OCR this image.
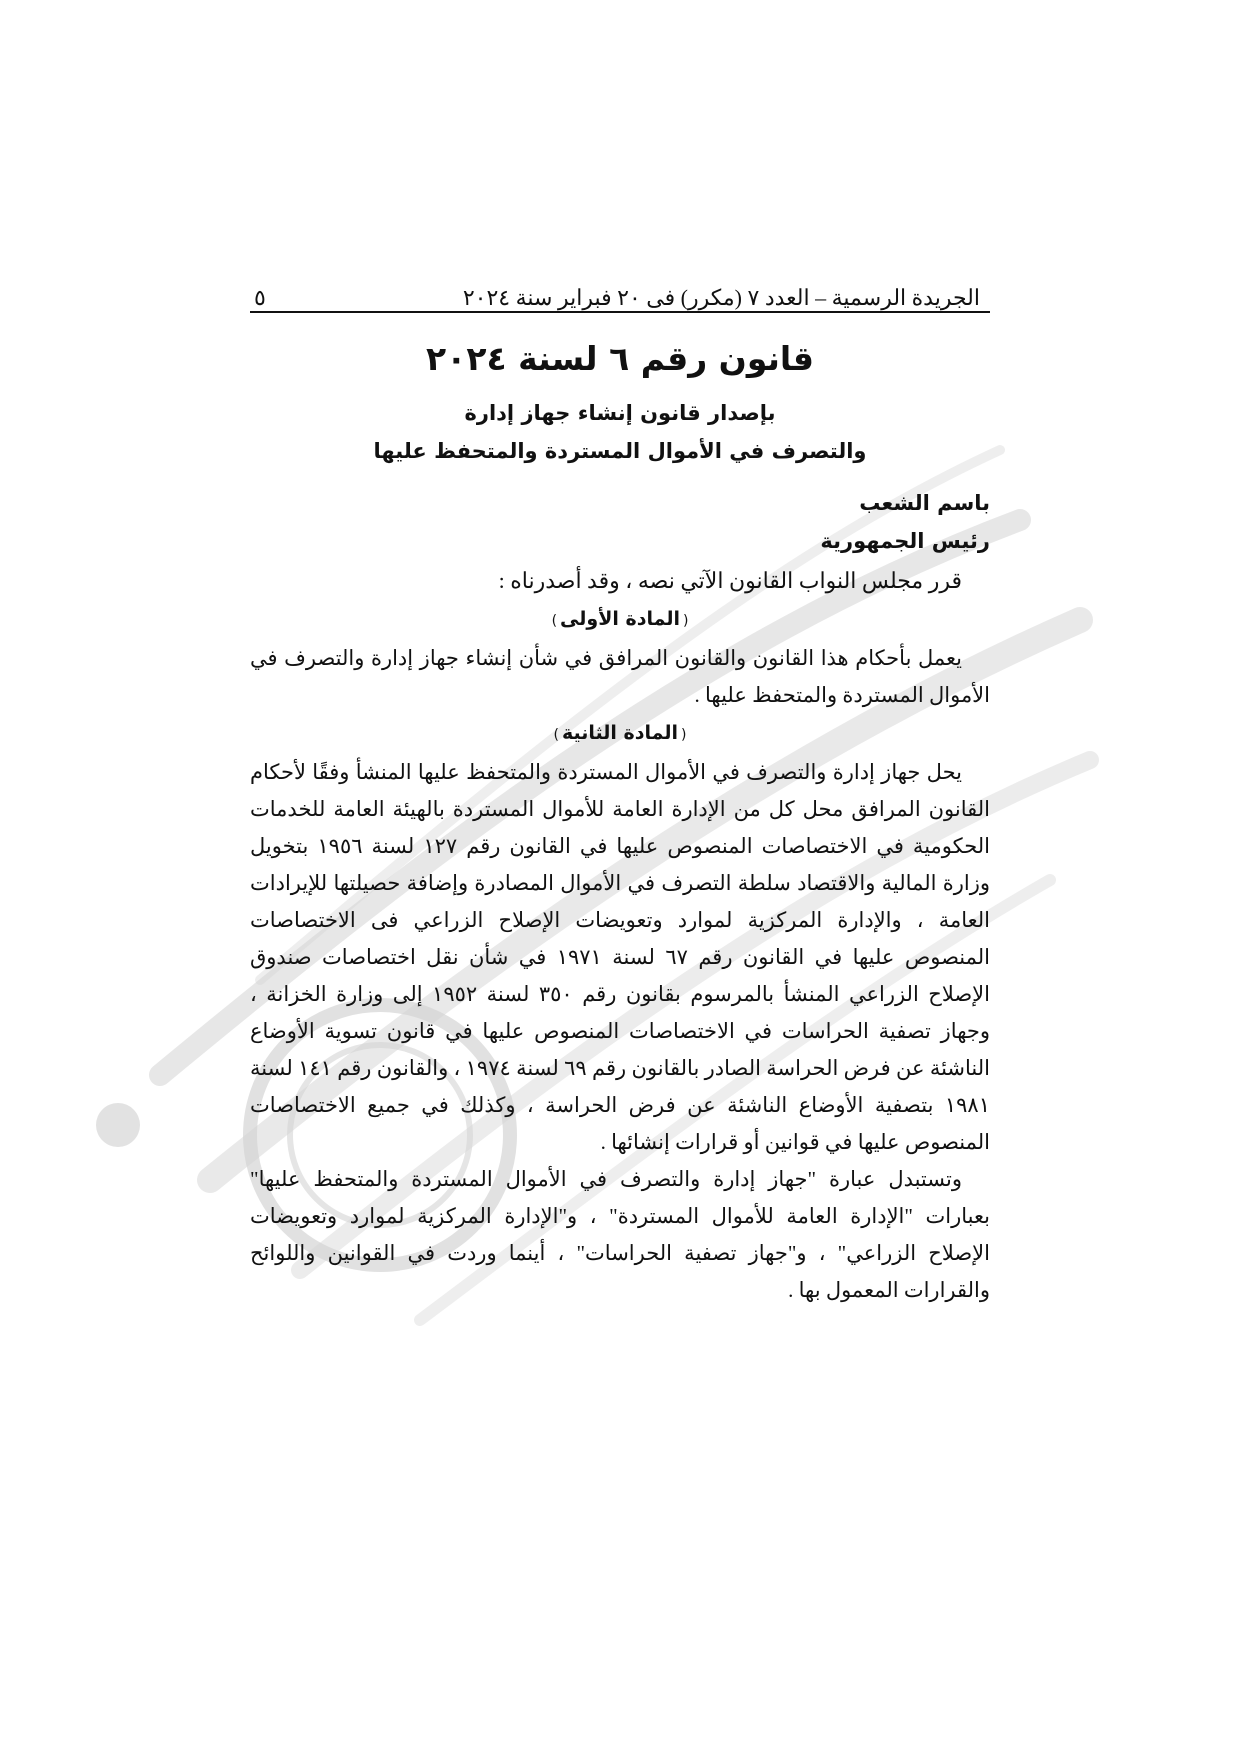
الجريدة الرسمية – العدد ٧ (مكرر) فى ٢٠ فبراير سنة ٢٠٢٤
٥
قانون رقم ٦ لسنة ٢٠٢٤
بإصدار قانون إنشاء جهاز إدارة
والتصرف في الأموال المستردة والمتحفظ عليها
باسم الشعب
رئيس الجمهورية

قرر مجلس النواب القانون الآتي نصه ، وقد أصدرناه :

(المادة الأولى)

يعمل بأحكام هذا القانون والقانون المرافق في شأن إنشاء جهاز إدارة والتصرف في الأموال المستردة والمتحفظ عليها .

(المادة الثانية)

يحل جهاز إدارة والتصرف في الأموال المستردة والمتحفظ عليها المنشأ وفقًا لأحكام القانون المرافق محل كل من الإدارة العامة للأموال المستردة بالهيئة العامة للخدمات الحكومية في الاختصاصات المنصوص عليها في القانون رقم ١٢٧ لسنة ١٩٥٦ بتخويل وزارة المالية والاقتصاد سلطة التصرف في الأموال المصادرة وإضافة حصيلتها للإيرادات العامة ، والإدارة المركزية لموارد وتعويضات الإصلاح الزراعي فى الاختصاصات المنصوص عليها في القانون رقم ٦٧ لسنة ١٩٧١ في شأن نقل اختصاصات صندوق الإصلاح الزراعي المنشأ بالمرسوم بقانون رقم ٣٥٠ لسنة ١٩٥٢ إلى وزارة الخزانة ، وجهاز تصفية الحراسات في الاختصاصات المنصوص عليها في قانون تسوية الأوضاع الناشئة عن فرض الحراسة الصادر بالقانون رقم ٦٩ لسنة ١٩٧٤ ، والقانون رقم ١٤١ لسنة ١٩٨١ بتصفية الأوضاع الناشئة عن فرض الحراسة ، وكذلك في جميع الاختصاصات المنصوص عليها في قوانين أو قرارات إنشائها .

وتستبدل عبارة "جهاز إدارة والتصرف في الأموال المستردة والمتحفظ عليها" بعبارات "الإدارة العامة للأموال المستردة" ، و"الإدارة المركزية لموارد وتعويضات الإصلاح الزراعي" ، و"جهاز تصفية الحراسات" ، أينما وردت في القوانين واللوائح والقرارات المعمول بها .
